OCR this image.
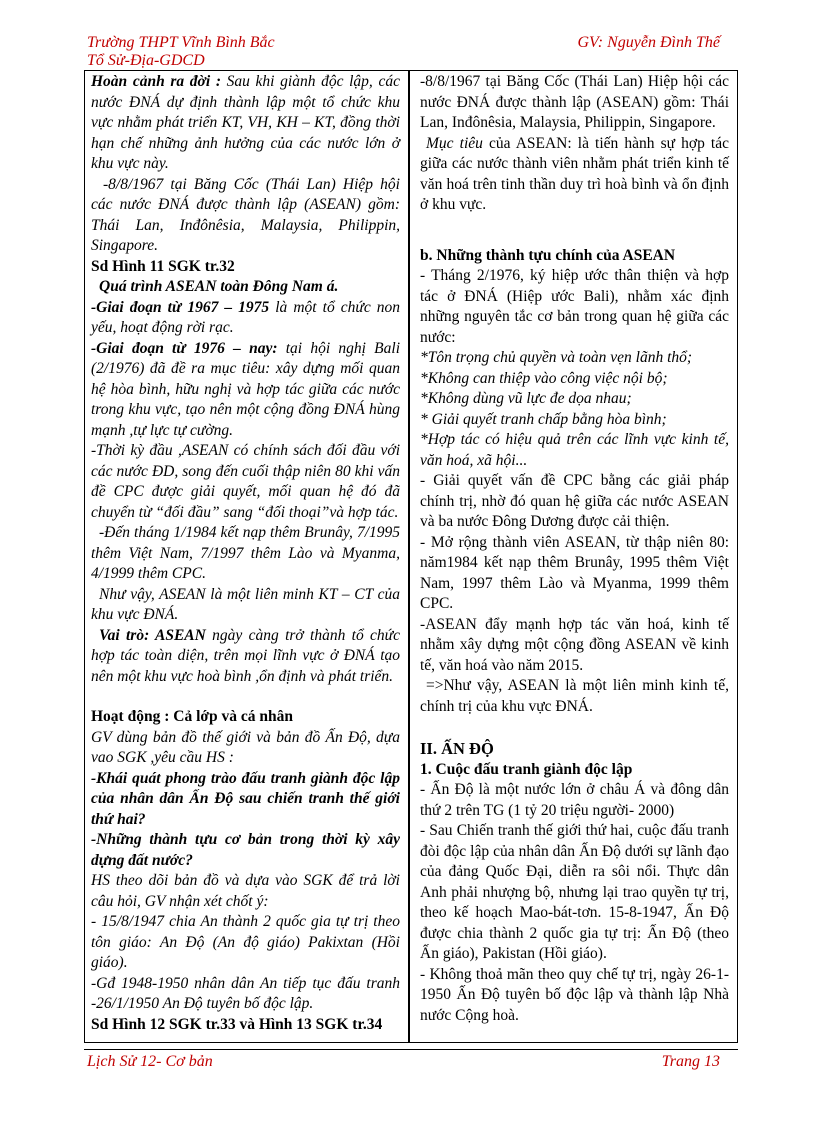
Trường THPT Vĩnh Bình Bắc	GV: Nguyễn Đình Thế
Tổ Sử-Địa-GDCD

Hoàn cảnh ra đời : Sau khi giành độc lập, các nước ĐNÁ dự định thành lập một tổ chức khu vực nhằm phát triển KT, VH, KH – KT, đồng thời hạn chế những ảnh hưởng của các nước lớn ở khu vực này.

-8/8/1967 tại Băng Cốc (Thái Lan) Hiệp hội các nước ĐNÁ được thành lập (ASEAN) gồm: Thái Lan, Inđônêsia, Malaysia, Philippin, Singapore.

Sd Hình 11 SGK tr.32

Quá trình ASEAN toàn Đông Nam á.

-Giai đoạn từ 1967 – 1975 là một tổ chức non yếu, hoạt động rời rạc.

-Giai đoạn từ 1976 – nay: tại hội nghị Bali (2/1976) đã đề ra mục tiêu: xây dựng mối quan hệ hòa bình, hữu nghị và hợp tác giữa các nước trong khu vực, tạo nên một cộng đồng ĐNÁ hùng mạnh ,tự lực tự cường.

-Thời kỳ đầu ,ASEAN có chính sách đối đầu với các nước ĐD, song đến cuối thập niên 80 khi vấn đề CPC được giải quyết, mối quan hệ đó đã chuyển từ “đối đầu” sang “đối thoại”và hợp tác.

-Đến tháng 1/1984 kết nạp thêm Brunây, 7/1995 thêm Việt Nam, 7/1997 thêm Lào và Myanma, 4/1999 thêm CPC.

Như vậy, ASEAN là một liên minh KT – CT của khu vực ĐNÁ.

Vai trò: ASEAN ngày càng trở thành tổ chức hợp tác toàn diện, trên mọi lĩnh vực ở ĐNÁ tạo nên một khu vực hoà bình ,ổn định và phát triển.

Hoạt động : Cả lớp và cá nhân

GV dùng bản đồ thế giới và bản đồ Ấn Độ, dựa vao SGK ,yêu cầu HS :

-Khái quát phong trào đấu tranh giành độc lập của nhân dân Ấn Độ sau chiến tranh thế giới thứ hai?

-Những thành tựu cơ bản trong thời kỳ xây dựng đất nước?

HS theo dõi bản đồ và dựa vào SGK để trả lời câu hỏi, GV nhận xét chốt ý:

- 15/8/1947 chia An thành 2 quốc gia tự trị theo tôn giáo: An Độ (An độ giáo) Pakixtan (Hồi giáo).

-Gđ 1948-1950 nhân dân An tiếp tục đấu tranh -26/1/1950 An Độ tuyên bố độc lập.

Sd Hình 12 SGK tr.33 và Hình 13 SGK tr.34

-8/8/1967 tại Băng Cốc (Thái Lan) Hiệp hội các nước ĐNÁ được thành lập (ASEAN) gồm: Thái Lan, Inđônêsia, Malaysia, Philippin, Singapore.

Mục tiêu của ASEAN: là tiến hành sự hợp tác giữa các nước thành viên nhằm phát triển kinh tế văn hoá trên tinh thần duy trì hoà bình và ổn định ở khu vực.

b. Những thành tựu chính của ASEAN

- Tháng 2/1976, ký hiệp ước thân thiện và hợp tác ở ĐNÁ (Hiệp ước Bali), nhằm xác định những nguyên tắc cơ bản trong quan hệ giữa các nước:

*Tôn trọng chủ quyền và toàn vẹn lãnh thổ;

*Không can thiệp vào công việc nội bộ;

*Không dùng vũ lực đe dọa nhau;

* Giải quyết tranh chấp bằng hòa bình;

*Hợp tác có hiệu quả trên các lĩnh vực kinh tế, văn hoá, xã hội...

- Giải quyết vấn đề CPC bằng các giải pháp chính trị, nhờ đó quan hệ giữa các nước ASEAN và ba nước Đông Dương được cải thiện.

- Mở rộng thành viên ASEAN, từ thập niên 80: năm1984 kết nạp thêm Brunây, 1995 thêm Việt Nam, 1997 thêm Lào và Myanma, 1999 thêm CPC.

-ASEAN đẩy mạnh hợp tác văn hoá, kinh tế nhằm xây dựng một cộng đồng ASEAN về kinh tế, văn hoá vào năm 2015.

=>Như vậy, ASEAN là một liên minh kinh tế, chính trị của khu vực ĐNÁ.

II. ẤN ĐỘ

1. Cuộc đấu tranh giành độc lập

- Ấn Độ là một nước lớn ở châu Á và đông dân thứ 2 trên TG (1 tỷ 20 triệu người- 2000)

- Sau Chiến tranh thế giới thứ hai, cuộc đấu tranh đòi độc lập của nhân dân Ấn Độ dưới sự lãnh đạo của đảng Quốc Đại, diễn ra sôi nổi. Thực dân Anh phải nhượng bộ, nhưng lại trao quyền tự trị, theo kế hoạch Mao-bát-tơn. 15-8-1947, Ấn Độ được chia thành 2 quốc gia tự trị: Ấn Độ (theo Ấn giáo), Pakistan (Hồi giáo).

- Không thoả mãn theo quy chế tự trị, ngày 26-1-1950 Ấn Độ tuyên bố độc lập và thành lập Nhà nước Cộng hoà.

Lịch Sử 12- Cơ bản	Trang 13
